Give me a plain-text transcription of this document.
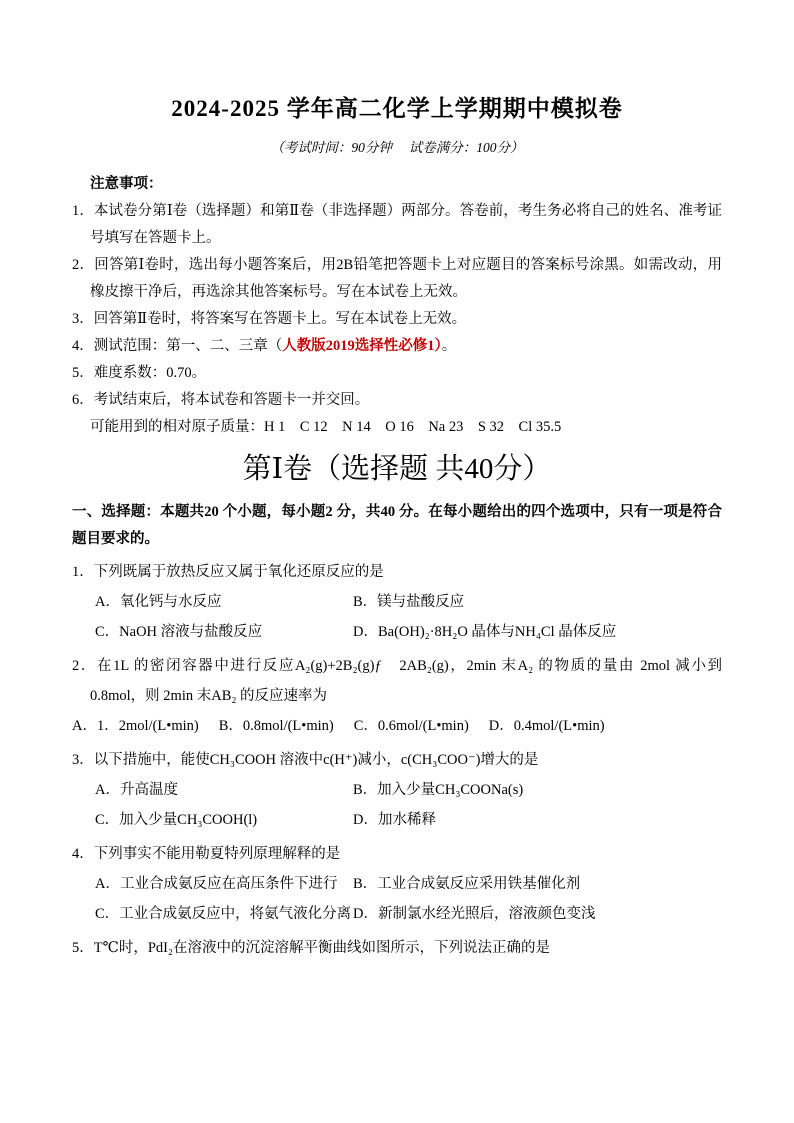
2024-2025 学年高二化学上学期期中模拟卷

（考试时间：90分钟　 试卷满分：100分）

注意事项：

1．本试卷分第Ⅰ卷（选择题）和第Ⅱ卷（非选择题）两部分。答卷前，考生务必将自己的姓名、准考证号填写在答题卡上。

2．回答第Ⅰ卷时，选出每小题答案后，用2B铅笔把答题卡上对应题目的答案标号涂黑。如需改动，用橡皮擦干净后，再选涂其他答案标号。写在本试卷上无效。

3．回答第Ⅱ卷时，将答案写在答题卡上。写在本试卷上无效。

4．测试范围：第一、二、三章（人教版2019选择性必修1）。

5．难度系数：0.70。

6．考试结束后，将本试卷和答题卡一并交回。

可能用到的相对原子质量：H 1　C 12　N 14　O 16　Na 23　S 32　Cl 35.5

第Ⅰ卷（选择题 共40分）

一、选择题：本题共20 个小题，每小题2 分，共40 分。在每小题给出的四个选项中，只有一项是符合题目要求的。

1．下列既属于放热反应又属于氧化还原反应的是

A．氧化钙与水反应	B．镁与盐酸反应
C．NaOH 溶液与盐酸反应	D．Ba(OH)₂·8H₂O 晶体与NH₄Cl 晶体反应

2．在1L 的密闭容器中进行反应A₂(g)+2B₂(g)ƒ　2AB₂(g)，2min 末A₂ 的物质的量由 2mol 减小到0.8mol，则 2min 末AB₂ 的反应速率为

A．1．2mol/(L•min) B．0.8mol/(L•min) C．0.6mol/(L•min) D．0.4mol/(L•min)

3．以下措施中，能使CH₃COOH 溶液中c(H⁺)减小，c(CH₃COO⁻)增大的是

A．升高温度	B．加入少量CH₃COONa(s)
C．加入少量CH₃COOH(l)	D．加水稀释

4．下列事实不能用勒夏特列原理解释的是

A．工业合成氨反应在高压条件下进行	B．工业合成氨反应采用铁基催化剂
C．工业合成氨反应中，将氨气液化分离 D．新制氯水经光照后，溶液颜色变浅

5．T℃时，PdI₂在溶液中的沉淀溶解平衡曲线如图所示，下列说法正确的是
